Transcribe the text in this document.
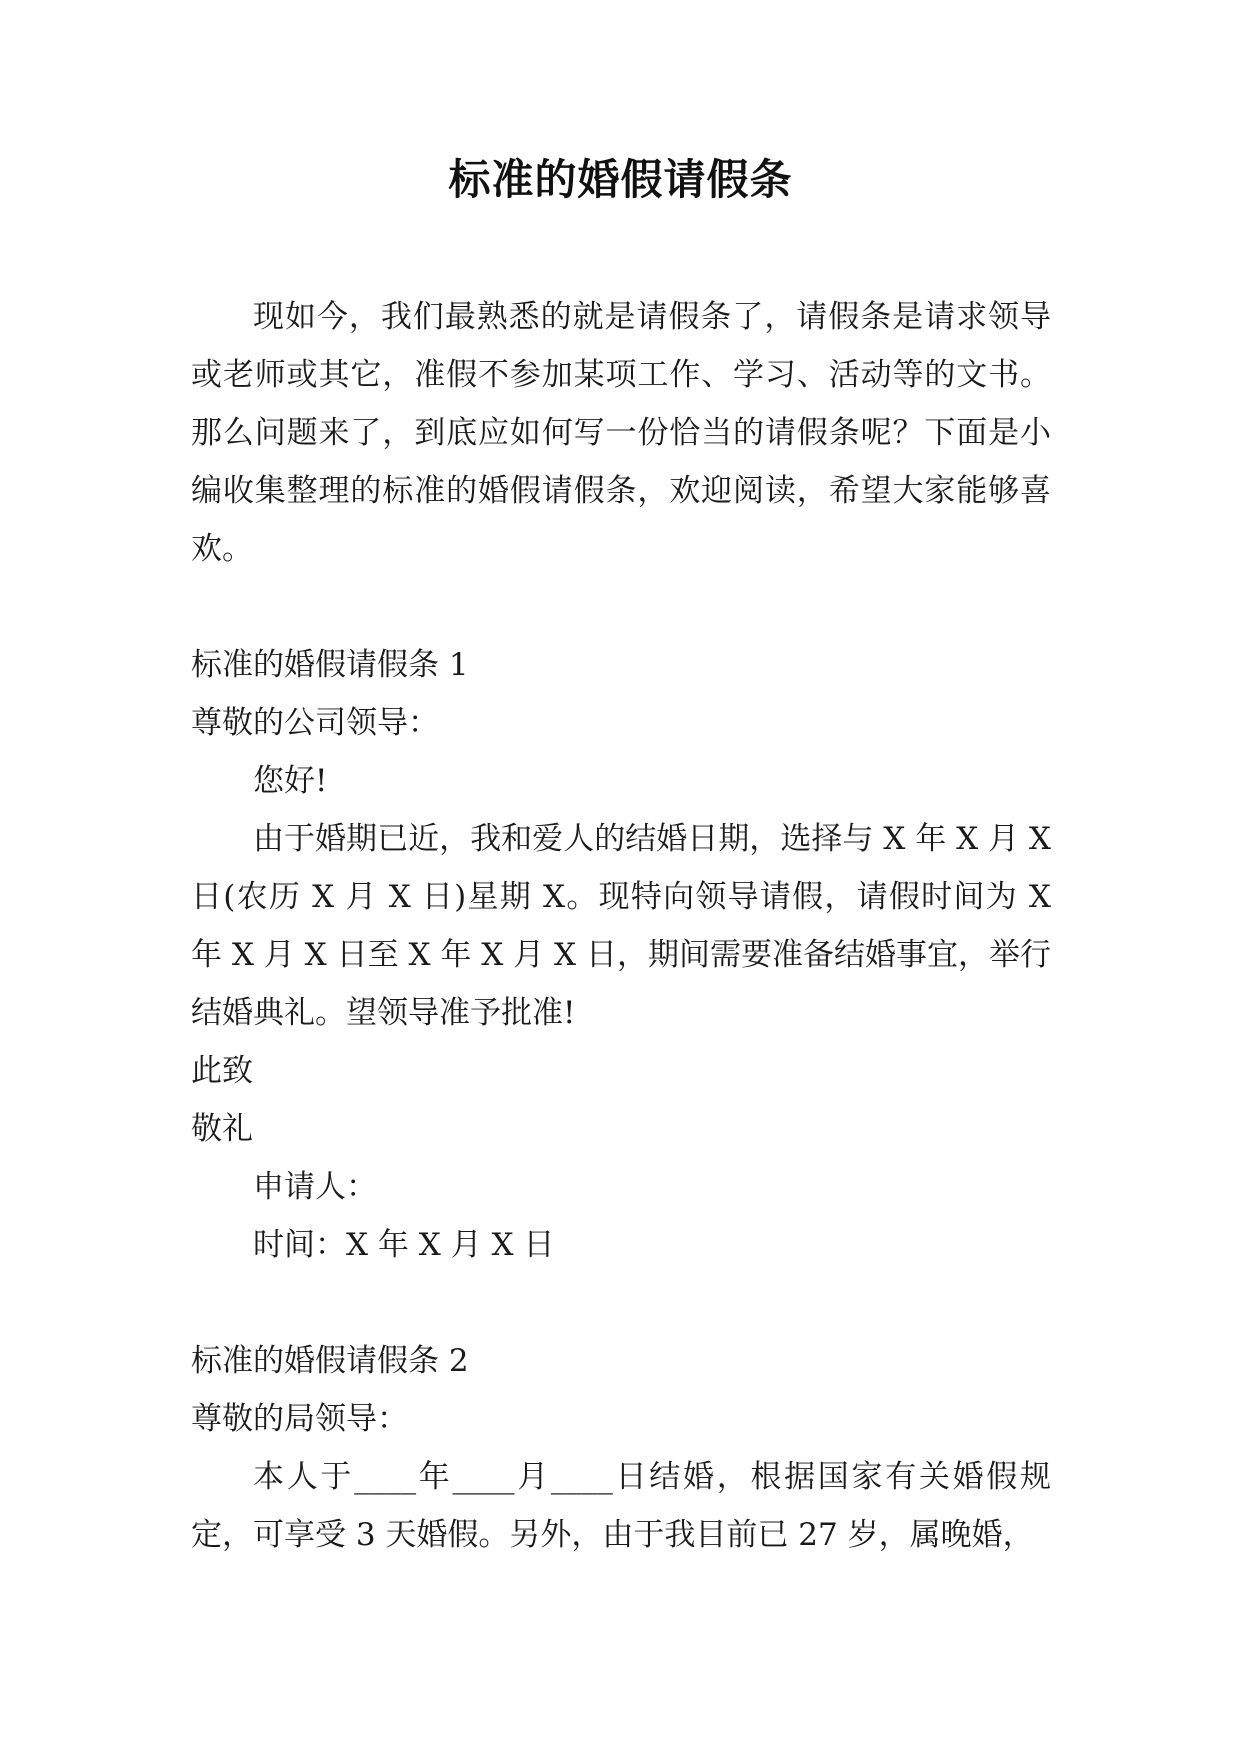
标准的婚假请假条

现如今，我们最熟悉的就是请假条了，请假条是请求领导或老师或其它，准假不参加某项工作、学习、活动等的文书。那么问题来了，到底应如何写一份恰当的请假条呢？下面是小编收集整理的标准的婚假请假条，欢迎阅读，希望大家能够喜欢。

标准的婚假请假条 1

尊敬的公司领导：

您好!

由于婚期已近，我和爱人的结婚日期，选择与 X 年 X 月 X 日(农历 X 月 X 日)星期 X。现特向领导请假，请假时间为 X 年 X 月 X 日至 X 年 X 月 X 日，期间需要准备结婚事宜，举行结婚典礼。望领导准予批准!

此致

敬礼

申请人：

时间：X 年 X 月 X 日

标准的婚假请假条 2

尊敬的局领导：

本人于____年____月____日结婚，根据国家有关婚假规定，可享受 3 天婚假。另外，由于我目前已 27 岁，属晚婚，
